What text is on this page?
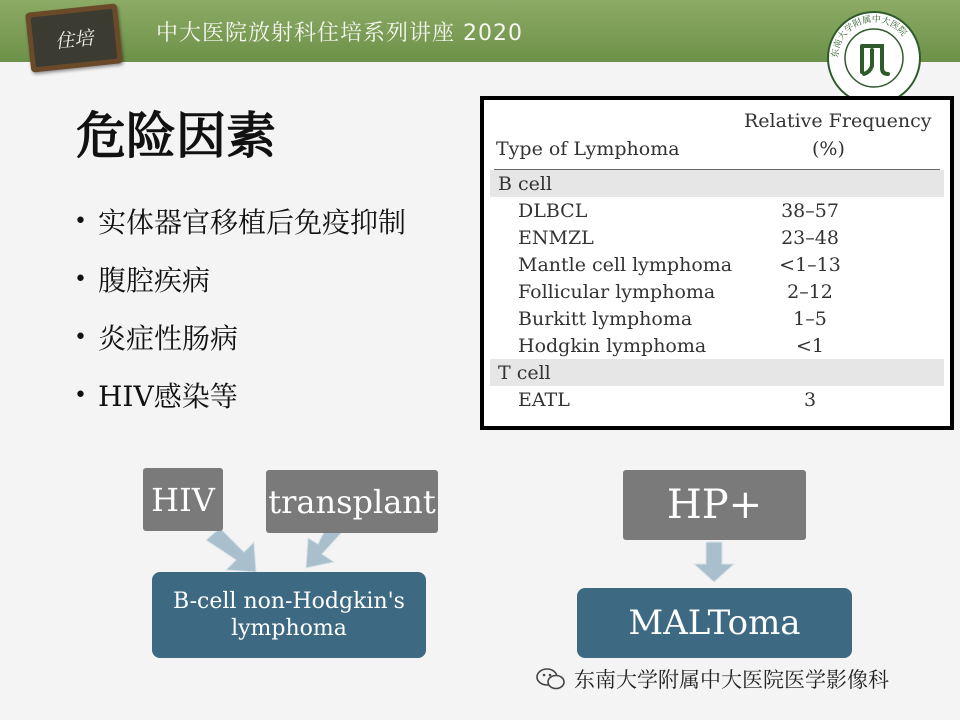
住培	中大医院放射科住培系列讲座 2020
东南大学附属中大医院
危险因素
• 实体器官移植后免疫抑制
• 腹腔疾病
• 炎症性肠病
• HIV感染等
Type of Lymphoma
Relative Frequency
(%)
B cell
DLBCL	38–57
ENMZL	23–48
Mantle cell lymphoma	<1–13
Follicular lymphoma	2–12
Burkitt lymphoma	1–5
Hodgkin lymphoma	<1
T cell
EATL	3
HIV transplant
B-cell non-Hodgkin's lymphoma
HP+
MALToma
东南大学附属中大医院医学影像科
